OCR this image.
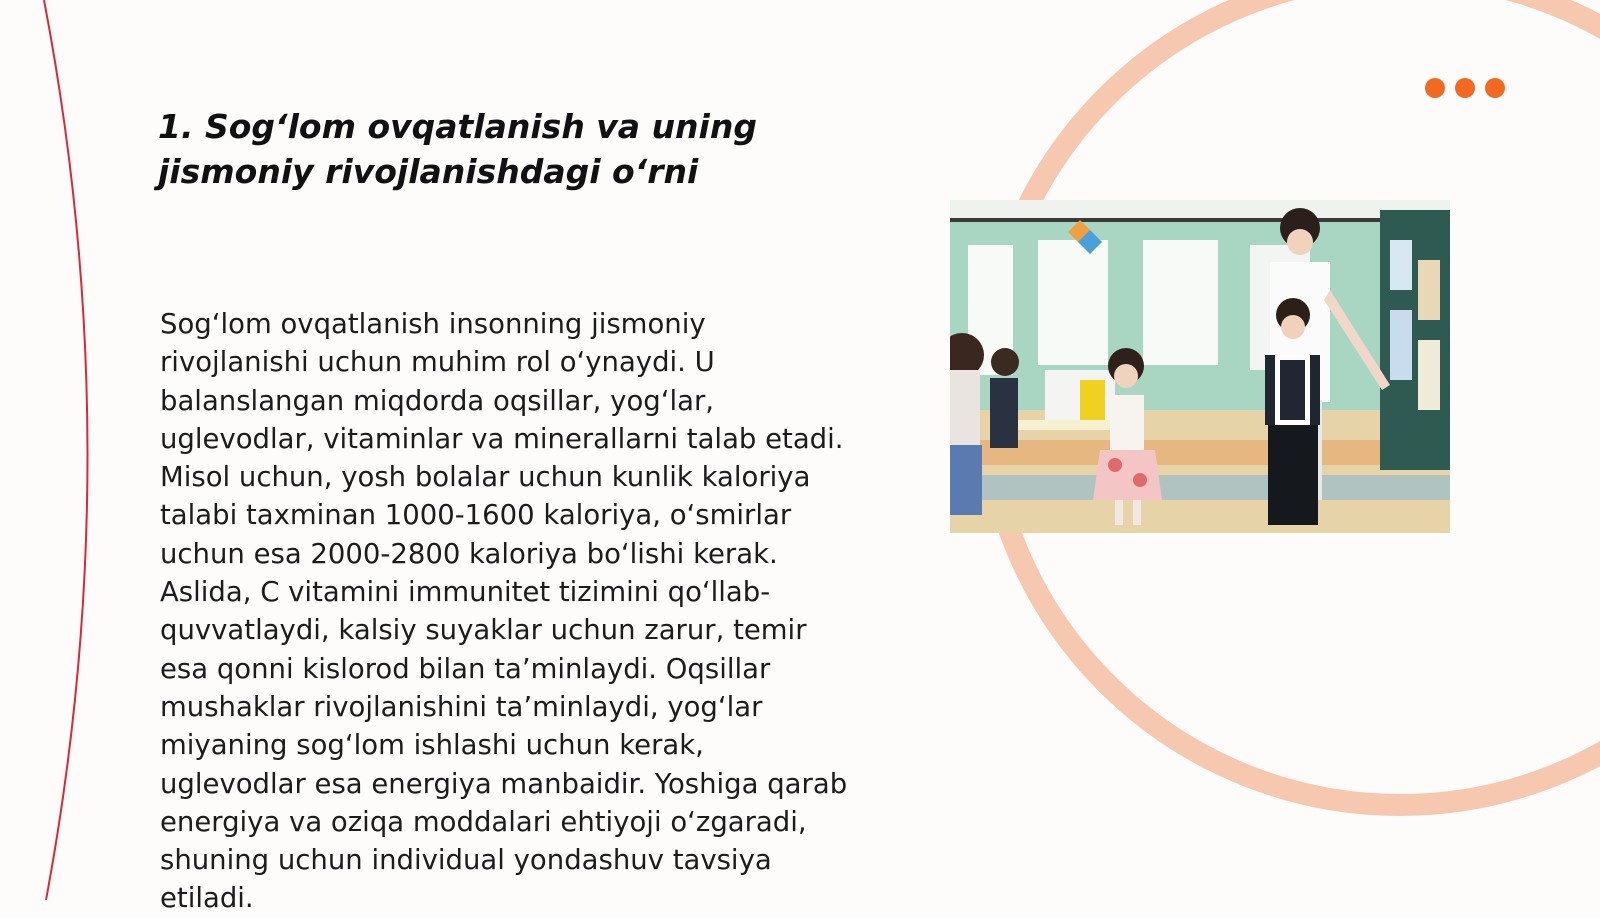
1. Sog‘lom ovqatlanish va uning jismoniy rivojlanishdagi o‘rni

Sog‘lom ovqatlanish insonning jismoniy rivojlanishi uchun muhim rol o‘ynaydi. U balanslangan miqdorda oqsillar, yog‘lar, uglevodlar, vitaminlar va minerallarni talab etadi. Misol uchun, yosh bolalar uchun kunlik kaloriya talabi taxminan 1000-1600 kaloriya, o‘smirlar uchun esa 2000-2800 kaloriya bo‘lishi kerak. Aslida, C vitamini immunitet tizimini qo‘llab-quvvatlaydi, kalsiy suyaklar uchun zarur, temir esa qonni kislorod bilan ta’minlaydi. Oqsillar mushaklar rivojlanishini ta’minlaydi, yog‘lar miyaning sog‘lom ishlashi uchun kerak, uglevodlar esa energiya manbaidir. Yoshiga qarab energiya va oziqa moddalari ehtiyoji o‘zgaradi, shuning uchun individual yondashuv tavsiya etiladi.
